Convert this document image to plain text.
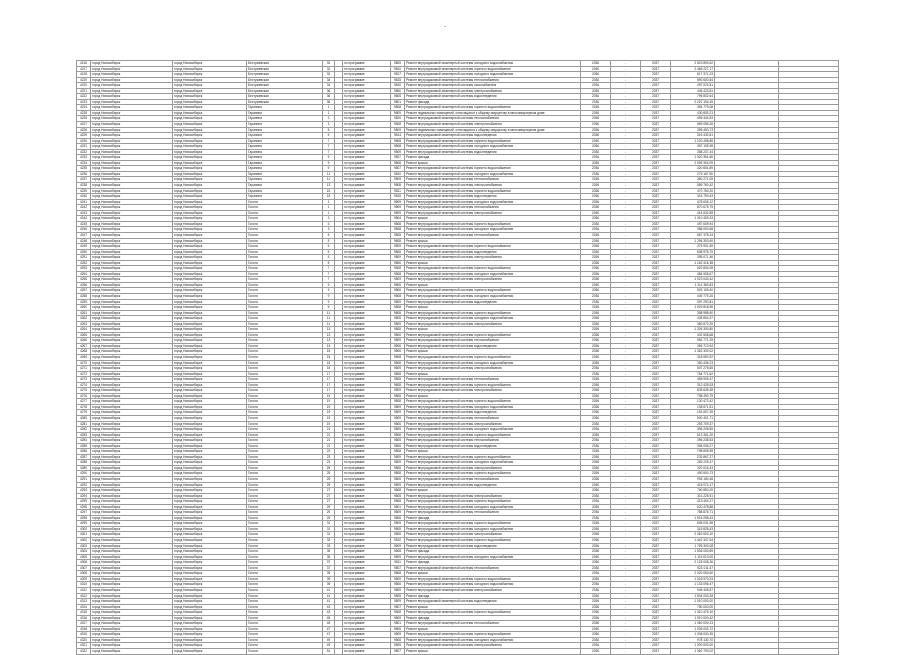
-
4216	город Новосибирск	город Новосибирск	Бестужевская	32		по программе	9805	Ремонт внутридомовой инженерной системы холодного водоснабжения	2036	-	2037	2 523 890,62		
4217	город Новосибирск	город Новосибирск	Бестужевская	32		по программе	9810	Ремонт внутридомовой инженерной системы горячего водоснабжения	2036	-	2037	2 465 227,17		
4218	город Новосибирск	город Новосибирск	Бестужевская	32		по программе	9817	Ремонт внутридомовой инженерной системы холодного водоснабжения	2036	-	2037	817 371,23		
4219	город Новосибирск	город Новосибирск	Бестужевская	34		по программе	9815	Ремонт внутридомовой инженерной системы теплоснабжения	2036	-	2037	890 600,54		
4220	город Новосибирск	город Новосибирск	Бестужевская	34		по программе	9820	Ремонт внутридомовой инженерной системы газоснабжения	2036	-	2037	497 020,51		
4221	город Новосибирск	город Новосибирск	Бестужевская	36		по программе	9850	Ремонт внутридомовой инженерной системы электроснабжения	2036	-	2037	445 423,81		
4222	город Новосибирск	город Новосибирск	Бестужевская	36		по программе	9805	Ремонт внутридомовой инженерной системы водоотведения	2036	-	2037	795 802,64		
4223	город Новосибирск	город Новосибирск	Бестужевская	36		по программе	9801	Ремонт фасада	2036	-	2037	2 222 194,45		
4224	город Новосибирск	город Новосибирск	Гаранина	1		по программе	9808	Ремонт внутридомовой инженерной системы горячего водоснабжения	2036	-	2037	354 779,08		
4225	город Новосибирск	город Новосибирск	Гаранина	1		по программе	9809	Ремонт подвальных помещений, относящихся к общему имуществу в многоквартирном доме	2036	-	2037	430 653,21		
4226	город Новосибирск	город Новосибирск	Гаранина	3		по программе	9820	Ремонт внутридомовой инженерной системы теплоснабжения	2036	-	2037	496 344,53		
4227	город Новосибирск	город Новосибирск	Гаранина	3		по программе	9808	Ремонт внутридомовой инженерной системы электроснабжения	2036	-	2037	869 096,26		
4228	город Новосибирск	город Новосибирск	Гаранина	5		по программе	9809	Ремонт подвальных помещений, относящихся к общему имуществу в многоквартирном доме	2036	-	2037	395 453,73		
4229	город Новосибирск	город Новосибирск	Гаранина	5		по программе	9814	Ремонт внутридомовой инженерной системы водоотведения	2036	-	2037	316 430,61		
4230	город Новосибирск	город Новосибирск	Гаранина	7		по программе	9808	Ремонт внутридомовой инженерной системы горячего водоснабжения	2036	-	2037	1 100 498,86		
4231	город Новосибирск	город Новосибирск	Гаранина	7		по программе	9808	Ремонт внутридомовой инженерной системы холодного водоснабжения	2036	-	2037	357 195,98		
4232	город Новосибирск	город Новосибирск	Гаранина	7		по программе	9809	Ремонт внутридомовой инженерной системы водоотведения	2036	-	2037	358 237,44		
4233	город Новосибирск	город Новосибирск	Гаранина	9		по программе	9807	Ремонт фасада	2036	-	2037	1 920 361,66		
4234	город Новосибирск	город Новосибирск	Гаранина	9		по программе	9808	Ремонт крыши	2036	-	2037	2 099 304,09		
4235	город Новосибирск	город Новосибирск	Гаранина	9		по программе	9807	Ремонт внутридомовой инженерной системы горячего водоснабжения	2036	-	2037	320 651,89		
4236	город Новосибирск	город Новосибирск	Гаранина	11		по программе	9810	Ремонт внутридомовой инженерной системы холодного водоснабжения	2036	-	2037	275 167,90		
4237	город Новосибирск	город Новосибирск	Гаранина	11		по программе	9809	Ремонт внутридомовой инженерной системы теплоснабжения	2036	-	2037	360 271,05		
4238	город Новосибирск	город Новосибирск	Гаранина	13		по программе	9808	Ремонт внутридомовой инженерной системы электроснабжения	2036	-	2037	589 760,42		
4239	город Новосибирск	город Новосибирск	Гаранина	15		по программе	9811	Ремонт внутридомовой инженерной системы горячего водоснабжения	2036	-	2037	470 760,20		
4240	город Новосибирск	город Новосибирск	Гаранина	15		по программе	9815	Ремонт внутридомовой инженерной системы водоотведения	2036	-	2037	315 790,43		
4241	город Новосибирск	город Новосибирск	Гоголя	1		по программе	9809	Ремонт внутридомовой инженерной системы холодного водоснабжения	2036	-	2037	478 636,12		
4242	город Новосибирск	город Новосибирск	Гоголя	1		по программе	9809	Ремонт внутридомовой инженерной системы теплоснабжения	2036	-	2037	870 675,79		
4243	город Новосибирск	город Новосибирск	Гоголя	1		по программе	9809	Ремонт внутридомовой инженерной системы электроснабжения	2036	-	2037	414 632,89		
4244	город Новосибирск	город Новосибирск	Гоголя	3		по программе	9804	Ремонт крыши	2036	-	2037	1 310 409,33		
4245	город Новосибирск	город Новосибирск	Гоголя	3		по программе	9808	Ремонт внутридомовой инженерной системы горячего водоснабжения	2036	-	2037	497 609,94		
4246	город Новосибирск	город Новосибирск	Гоголя	3		по программе	9808	Ремонт внутридомовой инженерной системы холодного водоснабжения	2036	-	2037	386 000,68		
4247	город Новосибирск	город Новосибирск	Гоголя	5		по программе	9805	Ремонт внутридомовой инженерной системы теплоснабжения	2036	-	2037	567 378,24		
4248	город Новосибирск	город Новосибирск	Гоголя	5		по программе	9808	Ремонт крыши	2036	-	2037	1 296 303,60		
4249	город Новосибирск	город Новосибирск	Гоголя	5		по программе	9809	Ремонт внутридомовой инженерной системы горячего водоснабжения	2036	-	2037	379 901,59		
4250	город Новосибирск	город Новосибирск	Гоголя	5		по программе	9806	Ремонт внутридомовой инженерной системы водоотведения	2036	-	2037	608 978,70		
4251	город Новосибирск	город Новосибирск	Гоголя	5		по программе	9809	Ремонт внутридомовой инженерной системы электроснабжения	2036	-	2037	395 071,46		
4252	город Новосибирск	город Новосибирск	Гоголя	5		по программе	9806	Ремонт крыши	2036	-	2037	1 162 416,38		
4253	город Новосибирск	город Новосибирск	Гоголя	7		по программе	9808	Ремонт внутридомовой инженерной системы горячего водоснабжения	2036	-	2037	620 834,08		
4254	город Новосибирск	город Новосибирск	Гоголя	7		по программе	9808	Ремонт внутридомовой инженерной системы холодного водоснабжения	2036	-	2037	454 505,67		
4255	город Новосибирск	город Новосибирск	Гоголя	7		по программе	9809	Ремонт внутридомовой инженерной системы электроснабжения	2036	-	2037	1 023 040,42		
4256	город Новосибирск	город Новосибирск	Гоголя	9		по программе	9806	Ремонт крыши	2036	-	2037	1 311 383,63		
4257	город Новосибирск	город Новосибирск	Гоголя	9		по программе	9806	Ремонт внутридомовой инженерной системы горячего водоснабжения	2036	-	2037	502 106,40		
4258	город Новосибирск	город Новосибирск	Гоголя	9		по программе	9808	Ремонт внутридомовой инженерной системы холодного водоснабжения	2036	-	2037	449 775,26		
4259	город Новосибирск	город Новосибирск	Гоголя	9		по программе	9809	Ремонт внутридомовой инженерной системы водоотведения	2036	-	2037	397 290,81		
4260	город Новосибирск	город Новосибирск	Гоголя	9		по программе	9808	Ремонт крыши	2036	-	2037	1 529 818,96		
4261	город Новосибирск	город Новосибирск	Гоголя	11		по программе	9808	Ремонт внутридомовой инженерной системы горячего водоснабжения	2036	-	2037	358 988,90		
4262	город Новосибирск	город Новосибирск	Гоголя	11		по программе	9805	Ремонт внутридомовой инженерной системы холодного водоснабжения	2036	-	2037	439 804,37		
4263	город Новосибирск	город Новосибирск	Гоголя	11		по программе	9809	Ремонт внутридомовой инженерной системы электроснабжения	2036	-	2037	360 672,20		
4264	город Новосибирск	город Новосибирск	Гоголя	13		по программе	9805	Ремонт крыши	2036	-	2037	1 326 300,80		
4265	город Новосибирск	город Новосибирск	Гоголя	13		по программе	9806	Ремонт внутридомовой инженерной системы горячего водоснабжения	2036	-	2037	402 508,68		
4266	город Новосибирск	город Новосибирск	Гоголя	13		по программе	9805	Ремонт внутридомовой инженерной системы теплоснабжения	2036	-	2037	962 771,25		
4267	город Новосибирск	город Новосибирск	Гоголя	13		по программе	9806	Ремонт внутридомовой инженерной системы водоотведения	2036	-	2037	396 713,94		
4268	город Новосибирск	город Новосибирск	Гоголя	15		по программе	9806	Ремонт крыши	2036	-	2037	1 362 300,02		
4269	город Новосибирск	город Новосибирск	Гоголя	15		по программе	9808	Ремонт внутридомовой инженерной системы горячего водоснабжения	2036	-	2037	318 590,92		
4270	город Новосибирск	город Новосибирск	Гоголя	15		по программе	9808	Ремонт внутридомовой инженерной системы холодного водоснабжения	2036	-	2037	360 436,23		
4271	город Новосибирск	город Новосибирск	Гоголя	15		по программе	9809	Ремонт внутридомовой инженерной системы электроснабжения	2036	-	2037	507 278,65		
4272	город Новосибирск	город Новосибирск	Гоголя	17		по программе	9808	Ремонт крыши	2036	-	2037	764 771,62		
4273	город Новосибирск	город Новосибирск	Гоголя	17		по программе	9805	Ремонт внутридомовой инженерной системы теплоснабжения	2036	-	2037	355 905,47		
4274	город Новосибирск	город Новосибирск	Гоголя	17		по программе	9808	Ремонт внутридомовой инженерной системы горячего водоснабжения	2036	-	2037	312 425,53		
4275	город Новосибирск	город Новосибирск	Гоголя	17		по программе	9809	Ремонт внутридомовой инженерной системы электроснабжения	2036	-	2037	535 635,38		
4276	город Новосибирск	город Новосибирск	Гоголя	19		по программе	9806	Ремонт крыши	2036	-	2037	798 490,79		
4277	город Новосибирск	город Новосибирск	Гоголя	19		по программе	9808	Ремонт внутридомовой инженерной системы горячего водоснабжения	2036	-	2037	130 473,42		
4278	город Новосибирск	город Новосибирск	Гоголя	19		по программе	9809	Ремонт внутридомовой инженерной системы холодного водоснабжения	2036	-	2037	135 671,51		
4279	город Новосибирск	город Новосибирск	Гоголя	19		по программе	9809	Ремонт внутридомовой инженерной системы водоотведения	2036	-	2037	151 607,39		
4280	город Новосибирск	город Новосибирск	Гоголя	19		по программе	9805	Ремонт внутридомовой инженерной системы теплоснабжения	2036	-	2037	500 401,71		
4281	город Новосибирск	город Новосибирск	Гоголя	19		по программе	9806	Ремонт внутридомовой инженерной системы электроснабжения	2036	-	2037	255 709,37		
4282	город Новосибирск	город Новосибирск	Гоголя	21		по программе	9809	Ремонт внутридомовой инженерной системы холодного водоснабжения	2036	-	2037	396 208,55		
4283	город Новосибирск	город Новосибирск	Гоголя	21		по программе	9808	Ремонт внутридомовой инженерной системы горячего водоснабжения	2036	-	2037	513 301,20		
4284	город Новосибирск	город Новосибирск	Гоголя	21		по программе	9805	Ремонт внутридомовой инженерной системы теплоснабжения	2036	-	2037	396 238,53		
4285	город Новосибирск	город Новосибирск	Гоголя	21		по программе	9806	Ремонт внутридомовой инженерной системы водоотведения	2036	-	2037	394 006,27		
4286	город Новосибирск	город Новосибирск	Гоголя	23		по программе	9808	Ремонт крыши	2036	-	2037	798 808,95		
4287	город Новосибирск	город Новосибирск	Гоголя	23		по программе	9809	Ремонт внутридомовой инженерной системы горячего водоснабжения	2036	-	2037	233 867,27		
4288	город Новосибирск	город Новосибирск	Гоголя	23		по программе	9809	Ремонт внутридомовой инженерной системы холодного водоснабжения	2036	-	2037	283 225,47		
4289	город Новосибирск	город Новосибирск	Гоголя	25		по программе	9806	Ремонт внутридомовой инженерной системы электроснабжения	2036	-	2037	320 015,43		
4290	город Новосибирск	город Новосибирск	Гоголя	25		по программе	9808	Ремонт внутридомовой инженерной системы горячего водоснабжения	2036	-	2037	490 500,73		
4291	город Новосибирск	город Новосибирск	Гоголя	25		по программе	9805	Ремонт внутридомовой инженерной системы теплоснабжения	2036	-	2037	905 160,48		
4292	город Новосибирск	город Новосибирск	Гоголя	25		по программе	9809	Ремонт внутридомовой инженерной системы водоотведения	2036	-	2037	415 074,17		
4293	город Новосибирск	город Новосибирск	Гоголя	27		по программе	9808	Ремонт крыши	2036	-	2037	760 890,29		
4294	город Новосибирск	город Новосибирск	Гоголя	27		по программе	9805	Ремонт внутридомовой инженерной системы электроснабжения	2036	-	2037	311 225,91		
4295	город Новосибирск	город Новосибирск	Гоголя	27		по программе	9808	Ремонт внутридомовой инженерной системы горячего водоснабжения	2036	-	2037	413 404,27		
4296	город Новосибирск	город Новосибирск	Гоголя	29		по программе	9801	Ремонт внутридомовой инженерной системы холодного водоснабжения	2036	-	2037	620 478,88		
4297	город Новосибирск	город Новосибирск	Гоголя	29		по программе	9809	Ремонт внутридомовой инженерной системы теплоснабжения	2036	-	2037	788 876,71		
4298	город Новосибирск	город Новосибирск	Гоголя	29		по программе	9806	Ремонт фасада	2036	-	2037	1 916 298,43		
4299	город Новосибирск	город Новосибирск	Гоголя	31		по программе	9809	Ремонт внутридомовой инженерной системы горячего водоснабжения	2036	-	2037	505 031,96		
4300	город Новосибирск	город Новосибирск	Гоголя	31		по программе	9809	Ремонт внутридомовой инженерной системы холодного водоснабжения	2036	-	2037	315 828,43		
4301	город Новосибирск	город Новосибирск	Гоголя	31		по программе	9806	Ремонт внутридомовой инженерной системы электроснабжения	2036	-	2037	2 062 603,10		
4302	город Новосибирск	город Новосибирск	Гоголя	33		по программе	9810	Ремонт внутридомовой инженерной системы горячего водоснабжения	2036	-	2037	1 442 347,64		
4303	город Новосибирск	город Новосибирск	Гоголя	33		по программе	9809	Ремонт внутридомовой инженерной системы водоотведения	2036	-	2037	1 795 300,08		
4304	город Новосибирск	город Новосибирск	Гоголя	35		по программе	9808	Ремонт фасада	2036	-	2037	1 536 000,89		
4305	город Новосибирск	город Новосибирск	Гоголя	35		по программе	9809	Ремонт внутридомовой инженерной системы холодного водоснабжения	2036	-	2037	1 119 013,00		
4306	город Новосибирск	город Новосибирск	Гоголя	37		по программе	9811	Ремонт фасада	2036	-	2037	2 125 008,36		
4307	город Новосибирск	город Новосибирск	Гоголя	37		по программе	9807	Ремонт внутридомовой инженерной системы теплоснабжения	2036	-	2037	521 011,47		
4308	город Новосибирск	город Новосибирск	Гоголя	39		по программе	9808	Ремонт крыши	2036	-	2037	2 020 050,60		
4309	город Новосибирск	город Новосибирск	Гоголя	39		по программе	9809	Ремонт внутридомовой инженерной системы горячего водоснабжения	2036	-	2037	1 015 970,23		
4310	город Новосибирск	город Новосибирск	Гоголя	39		по программе	9806	Ремонт внутридомовой инженерной системы холодного водоснабжения	2036	-	2037	1 133 096,47		
4311	город Новосибирск	город Новосибирск	Гоголя	41		по программе	9809	Ремонт внутридомовой инженерной системы электроснабжения	2036	-	2037	945 405,57		
4312	город Новосибирск	город Новосибирск	Гоголя	41		по программе	9805	Ремонт фасада	2036	-	2037	1 904 000,28		
4313	город Новосибирск	город Новосибирск	Гоголя	41		по программе	9809	Ремонт внутридомовой инженерной системы водоотведения	2036	-	2037	1 010 000,00		
4314	город Новосибирск	город Новосибирск	Гоголя	43		по программе	9807	Ремонт крыши	2036	-	2037	750 000,00		
4315	город Новосибирск	город Новосибирск	Гоголя	43		по программе	9808	Ремонт внутридомовой инженерной системы горячего водоснабжения	2036	-	2037	1 010 475,10		
4316	город Новосибирск	город Новосибирск	Гоголя	45		по программе	9809	Ремонт фасада	2036	-	2037	1 910 000,42		
4317	город Новосибирск	город Новосибирск	Гоголя	45		по программе	9801	Ремонт внутридомовой инженерной системы теплоснабжения	2036	-	2037	1 060 000,23		
4318	город Новосибирск	город Новосибирск	Гоголя	47		по программе	9806	Ремонт крыши	2036	-	2037	1 006 000,72		
4319	город Новосибирск	город Новосибирск	Гоголя	47		по программе	9809	Ремонт внутридомовой инженерной системы горячего водоснабжения	2036	-	2037	1 008 000,35		
4320	город Новосибирск	город Новосибирск	Гоголя	49		по программе	9808	Ремонт внутридомовой инженерной системы холодного водоснабжения	2036	-	2037	978 130,70		
4321	город Новосибирск	город Новосибирск	Гоголя	49		по программе	9809	Ремонт внутридомовой инженерной системы электроснабжения	2036	-	2037	1 000 000,00		
4322	город Новосибирск	город Новосибирск	Гоголя	51		по программе	9807	Ремонт крыши	2036	-	2037	1 060 700,02		
